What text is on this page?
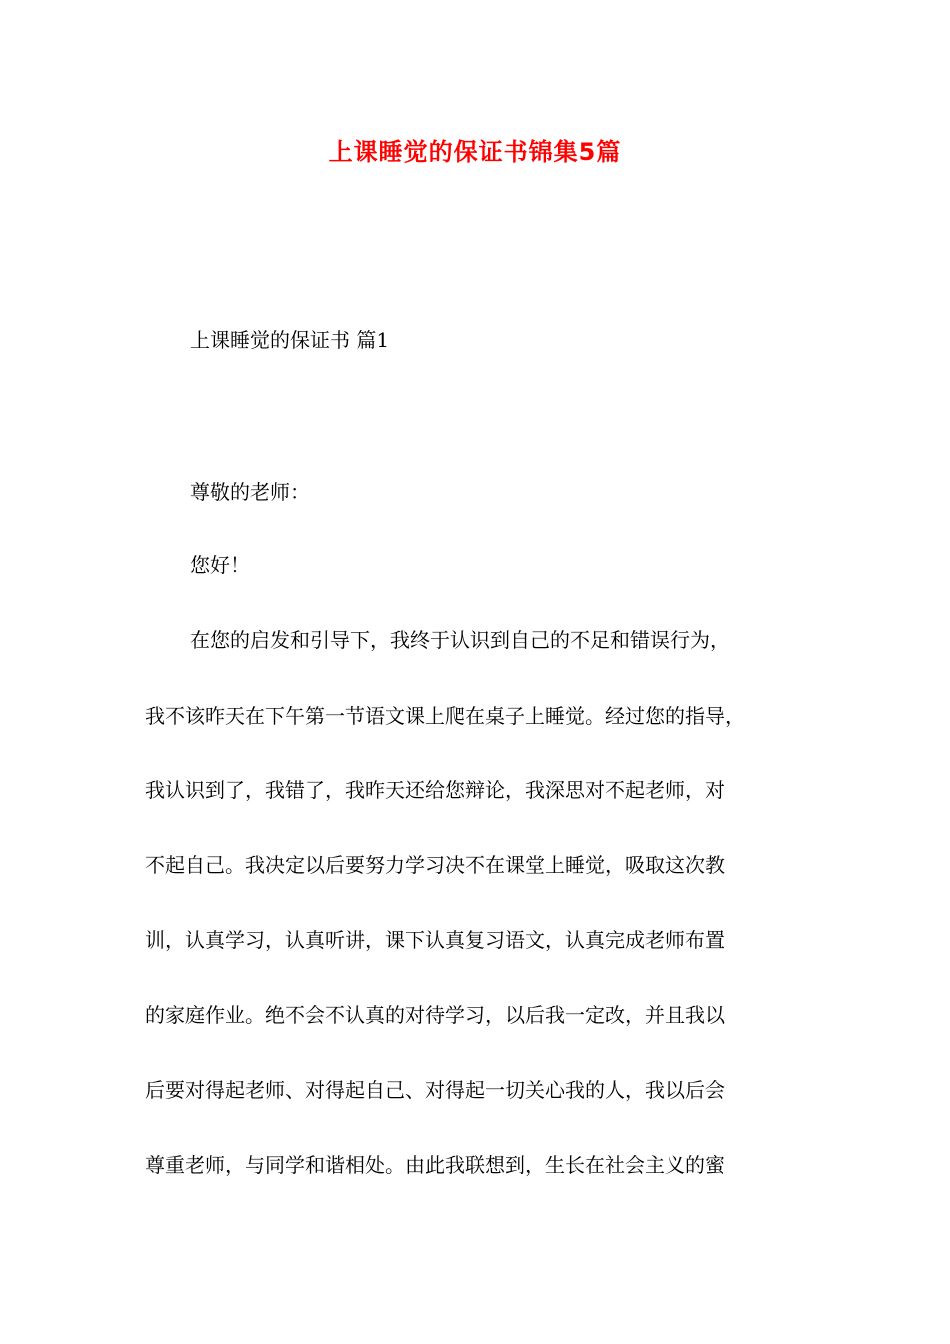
上课睡觉的保证书锦集5篇
上课睡觉的保证书 篇1
尊敬的老师：
您好！
在您的启发和引导下，我终于认识到自己的不足和错误行为，
我不该昨天在下午第一节语文课上爬在桌子上睡觉。经过您的指导，
我认识到了，我错了，我昨天还给您辩论，我深思对不起老师，对
不起自己。我决定以后要努力学习决不在课堂上睡觉，吸取这次教
训，认真学习，认真听讲，课下认真复习语文，认真完成老师布置
的家庭作业。绝不会不认真的对待学习，以后我一定改，并且我以
后要对得起老师、对得起自己、对得起一切关心我的人，我以后会
尊重老师，与同学和谐相处。由此我联想到，生长在社会主义的蜜
